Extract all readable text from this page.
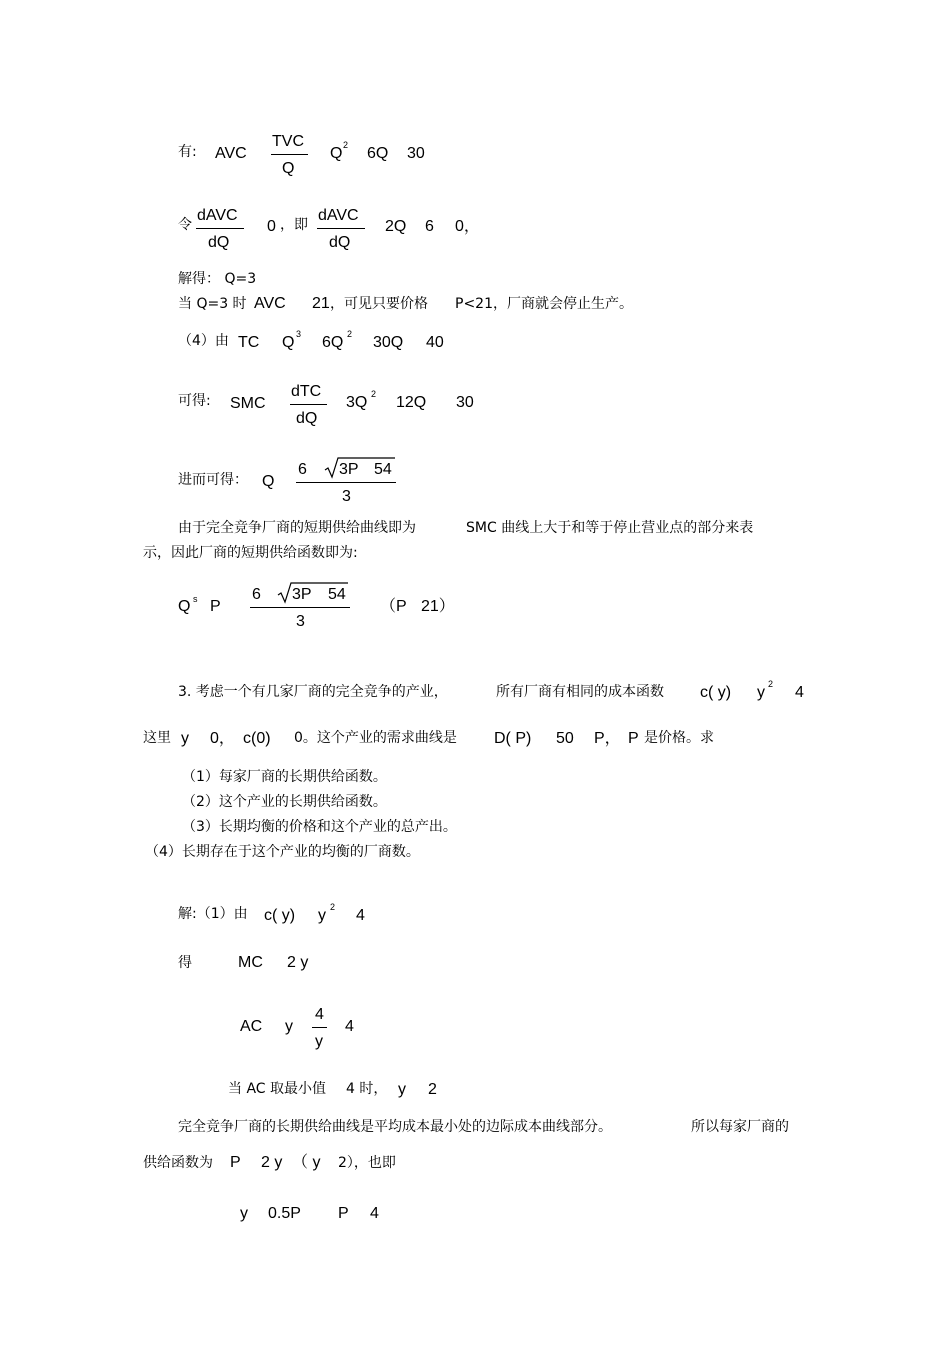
有: AVC
TVC
Q
Q 2 6Q 30
令
dAVC
dQ
0 ，即
dAVC
dQ
2Q 6 0，
解得： Q=3
当 Q=3 时 AVC 21 ，可见只要价格 P<21，厂商就会停止生产。
（4）由 TC Q 3 6Q 2 30Q 40
可得: SMC
dTC
dQ
3Q 2 12Q 30
进而可得： Q
6 3P 54
3
由于完全竞争厂商的短期供给曲线即为	SMC 曲线上大于和等于停止营业点的部分来表
示，因此厂商的短期供给函数即为:
Q s P
6 3P 54
3
（P 21）
3. 考虑一个有几家厂商的完全竞争的产业，	所有厂商有相同的成本函数 c( y) y 2 4
这里 y 0， c(0) 0。这个产业的需求曲线是 D( P) 50 P， P 是价格。求
（1）每家厂商的长期供给函数。
（2）这个产业的长期供给函数。
（3）长期均衡的价格和这个产业的总产出。
（4）长期存在于这个产业的均衡的厂商数。
解:（1）由 c( y) y 2 4
得	MC 2 y
AC y
4
y
4
当 AC 取最小值 4 时， y 2
完全竞争厂商的长期供给曲线是平均成本最小处的边际成本曲线部分。	所以每家厂商的
供给函数为 P 2 y （ y 2），也即
y 0.5P P 4
